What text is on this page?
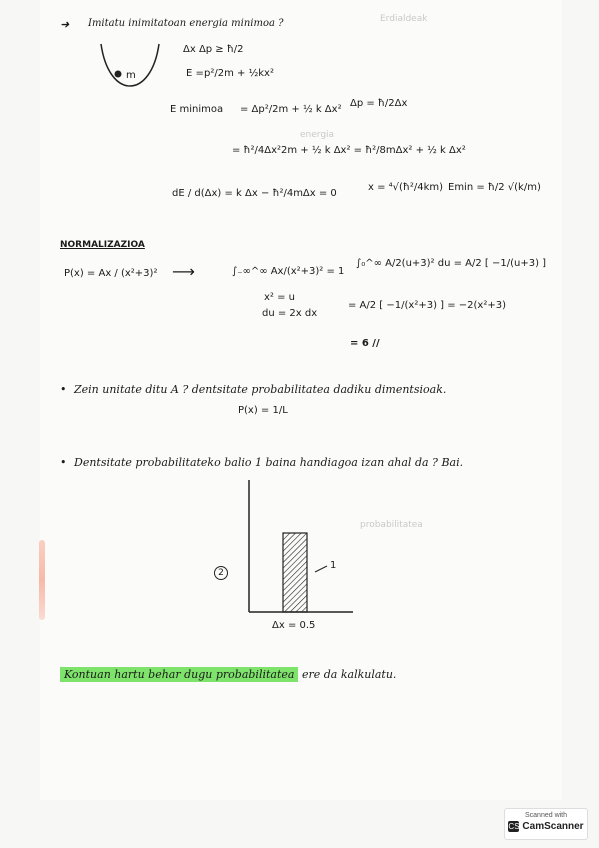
Erdialdeak
energia
probabilitatea
➜ Imitatu inimitatoan energia minimoa ?
m
Δx Δp ≥ ħ/2
E = p²/2m + ½kx²
E minimoa = Δp²/2m + ½ k Δx²
Δp = ħ/2Δx
= ħ²/4Δx²2m + ½ k Δx² = ħ²/8mΔx² + ½ k Δx²
dE / d(Δx) = k Δx − ħ²/4mΔx = 0
x = ⁴√(ħ²/4km) Emin = ħ/2 √(k/m)
NORMALIZAZIOA
P(x) = Ax / (x²+3)² ⟶	∫₋∞^∞ Ax/(x²+3)² = 1
∫₀^∞ A/2(u+3)² du = A/2 [ −1/(u+3) ]
x² = u
du = 2x dx
= A/2 [ −1/(x²+3) ] = −2(x²+3)
= 6 //
• Zein unitate ditu A ? dentsitate probabilitatea dadiku dimentsioak.
P(x) = 1/L
• Dentsitate probabilitateko balio 1 baina handiagoa izan ahal da ? Bai.
2
1
Δx = 0.5
Kontuan hartu behar dugu probabilitatea ere da kalkulatu.
Scanned with
CS CamScanner
